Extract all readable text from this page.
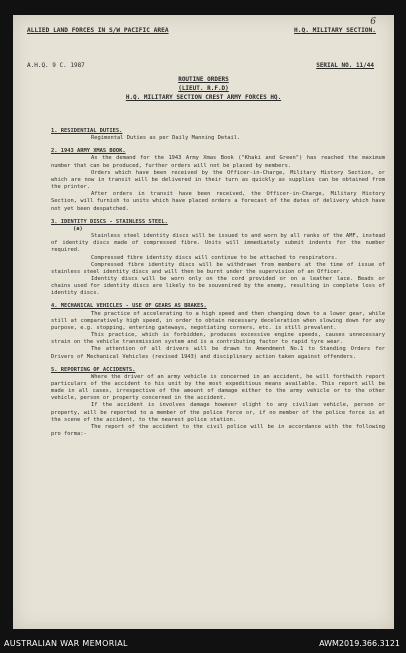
6
ALLIED LAND FORCES IN S/W PACIFIC AREA	H.Q. MILITARY SECTION.
A.H.Q. 9 C. 1987	SERIAL NO. 11/44
ROUTINE ORDERS
(LIEUT. R.F.D)
H.Q. MILITARY SECTION CREST ARMY FORCES HQ.
1. RESIDENTIAL DUTIES.
Regimental Duties as per Daily Manning Detail.
2. 1943 ARMY XMAS BOOK.
As the demand for the 1943 Army Xmas Book ("Khaki and Green") has reached the maximum number that can be produced, further orders will not be placed by members.
Orders which have been received by the Officer-in-Charge, Military History Section, or which are now in transit will be delivered in their turn as quickly as supplies can be obtained from the printer.
After orders in transit have been received, the Officer-in-Charge, Military History Section, will furnish to units which have placed orders a forecast of the dates of delivery which have not yet been despatched.
3. IDENTITY DISCS - STAINLESS STEEL.
(a)
Stainless steel identity discs will be issued to and worn by all ranks of the AMF, instead of identity discs made of compressed fibre. Units will immediately submit indents for the number required.
Compressed fibre identity discs will continue to be attached to respirators.
Compressed fibre identity discs will be withdrawn from members at the time of issue of stainless steel identity discs and will then be burnt under the supervision of an Officer.
Identity discs will be worn only on the cord provided or on a leather lace. Beads or chains used for identity discs are likely to be souvenired by the enemy, resulting in complete loss of identity discs.
4. MECHANICAL VEHICLES - USE OF GEARS AS BRAKES.
The practice of accelerating to a high speed and then changing down to a lower gear, while still at comparatively high speed, in order to obtain necessary deceleration when slowing down for any purpose, e.g. stopping, entering gateways, negotiating corners, etc. is still prevalent.
This practice, which is forbidden, produces excessive engine speeds, causes unnecessary strain on the vehicle transmission system and is a contributing factor to rapid tyre wear.
The attention of all drivers will be drawn to Amendment No.1 to Standing Orders for Drivers of Mechanical Vehicles (revised 1943) and disciplinary action taken against offenders.
5. REPORTING OF ACCIDENTS.
Where the driver of an army vehicle is concerned in an accident, he will forthwith report particulars of the accident to his unit by the most expeditious means available. This report will be made in all cases, irrespective of the amount of damage either to the army vehicle or to the other vehicle, person or property concerned in the accident.
If the accident is involves damage however slight to any civilian vehicle, person or property, will be reported to a member of the police force or, if no member of the police force is at the scene of the accident, to the nearest police station.
The report of the accident to the civil police will be in accordance with the following pro forma:-
AUSTRALIAN WAR MEMORIAL	AWM2019.366.3121
